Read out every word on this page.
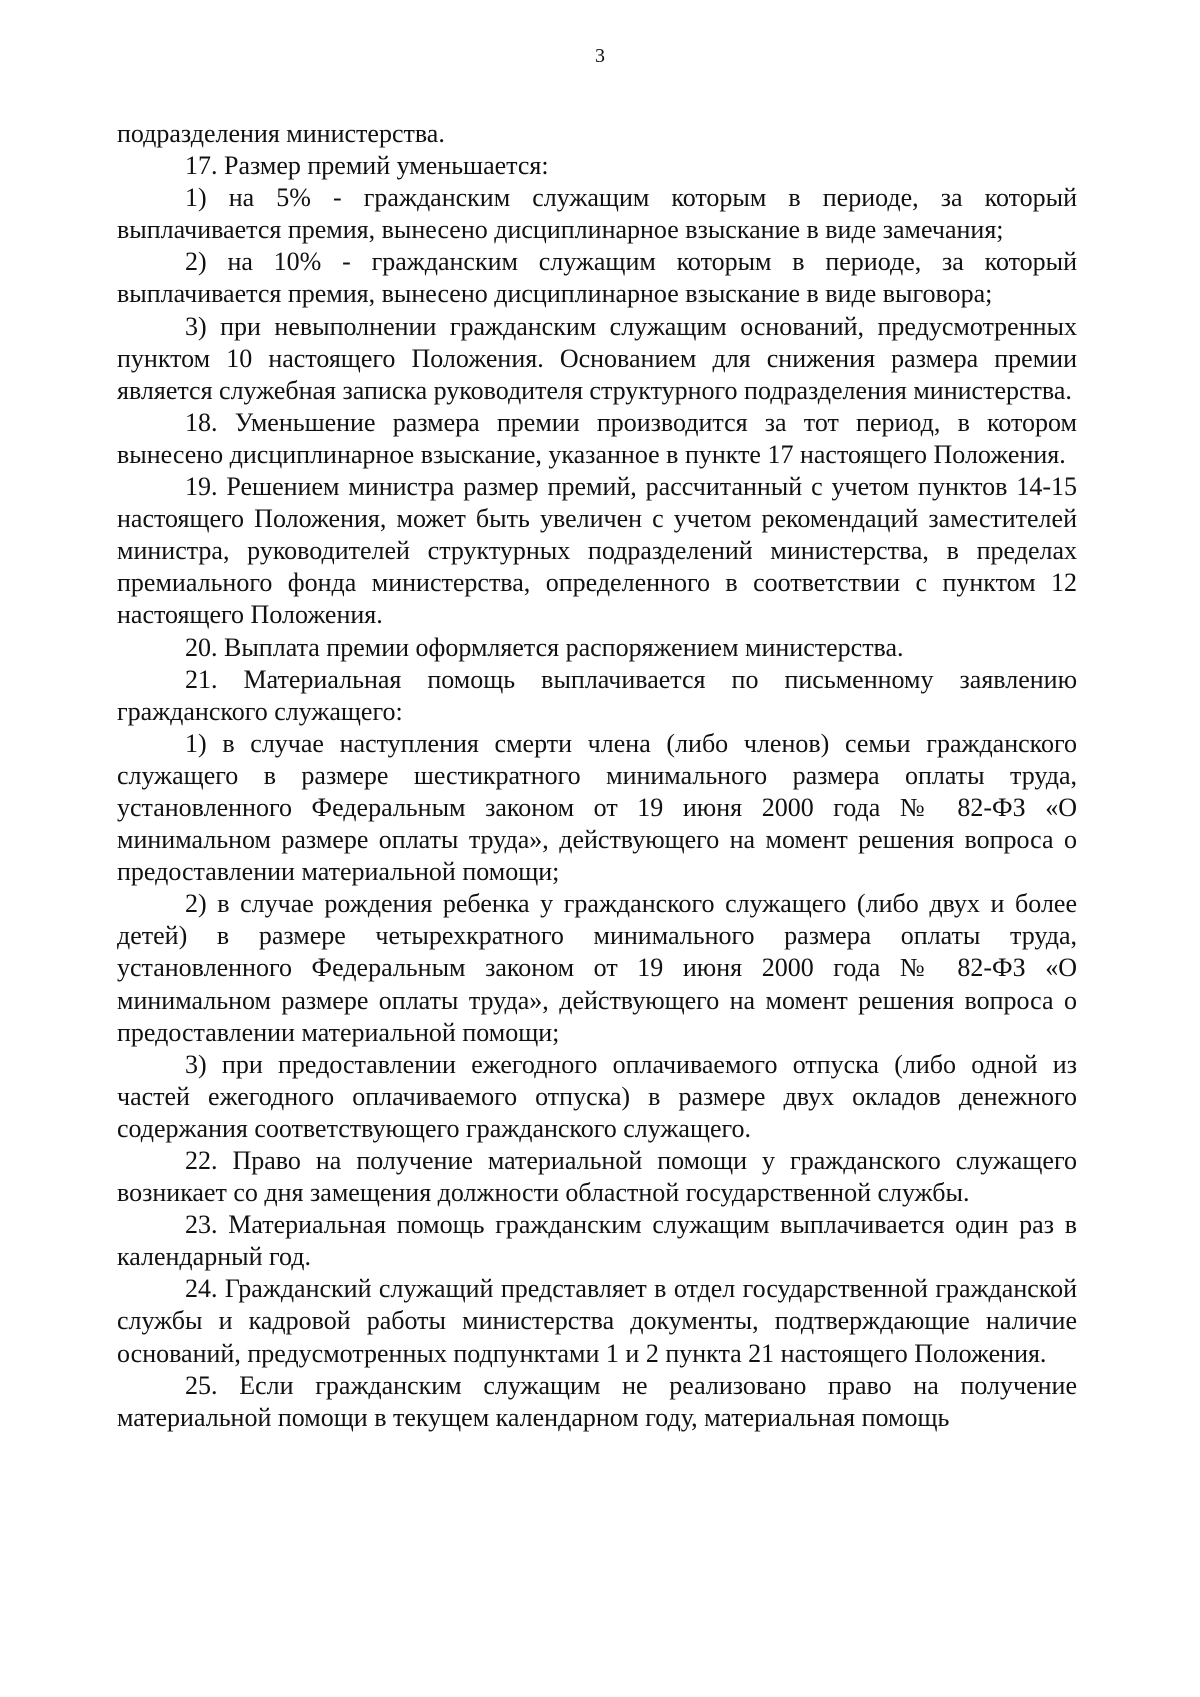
3

подразделения министерства.

17. Размер премий уменьшается:

1) на 5% - гражданским служащим которым в периоде, за который выплачивается премия, вынесено дисциплинарное взыскание в виде замечания;

2) на 10% - гражданским служащим которым в периоде, за который выплачивается премия, вынесено дисциплинарное взыскание в виде выговора;

3) при невыполнении гражданским служащим оснований, предусмотренных пунктом 10 настоящего Положения. Основанием для снижения размера премии является служебная записка руководителя структурного подразделения министерства.

18. Уменьшение размера премии производится за тот период, в котором вынесено дисциплинарное взыскание, указанное в пункте 17 настоящего Положения.

19. Решением министра размер премий, рассчитанный с учетом пунктов 14-15 настоящего Положения, может быть увеличен с учетом рекомендаций заместителей министра, руководителей структурных подразделений министерства, в пределах премиального фонда министерства, определенного в соответствии с пунктом 12 настоящего Положения.

20. Выплата премии оформляется распоряжением министерства.

21. Материальная помощь выплачивается по письменному заявлению гражданского служащего:

1) в случае наступления смерти члена (либо членов) семьи гражданского служащего в размере шестикратного минимального размера оплаты труда, установленного Федеральным законом от 19 июня 2000 года № 82-ФЗ «О минимальном размере оплаты труда», действующего на момент решения вопроса о предоставлении материальной помощи;

2) в случае рождения ребенка у гражданского служащего (либо двух и более детей) в размере четырехкратного минимального размера оплаты труда, установленного Федеральным законом от 19 июня 2000 года № 82-ФЗ «О минимальном размере оплаты труда», действующего на момент решения вопроса о предоставлении материальной помощи;

3) при предоставлении ежегодного оплачиваемого отпуска (либо одной из частей ежегодного оплачиваемого отпуска) в размере двух окладов денежного содержания соответствующего гражданского служащего.

22. Право на получение материальной помощи у гражданского служащего возникает со дня замещения должности областной государственной службы.

23. Материальная помощь гражданским служащим выплачивается один раз в календарный год.

24. Гражданский служащий представляет в отдел государственной гражданской службы и кадровой работы министерства документы, подтверждающие наличие оснований, предусмотренных подпунктами 1 и 2 пункта 21 настоящего Положения.

25. Если гражданским служащим не реализовано право на получение материальной помощи в текущем календарном году, материальная помощь
